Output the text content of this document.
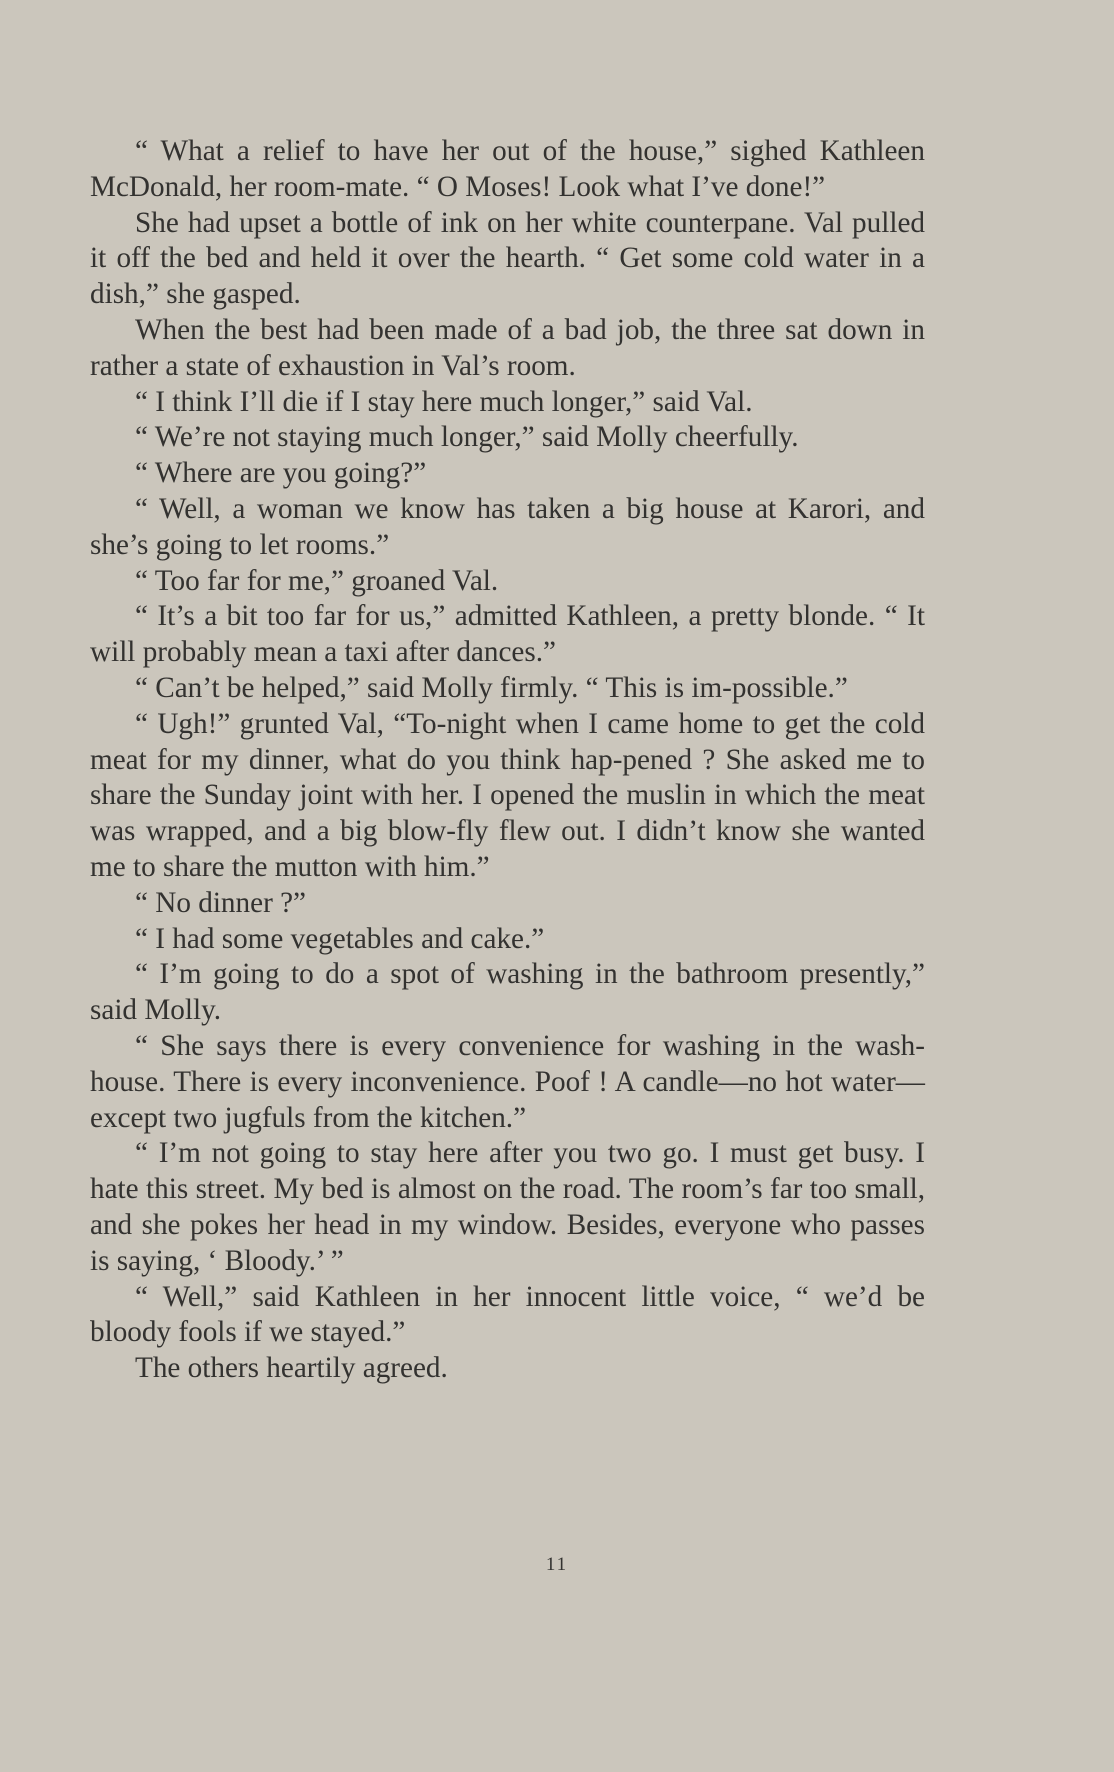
“ What a relief to have her out of the house,” sighed Kathleen McDonald, her room-mate. “ O Moses! Look what I’ve done!”

She had upset a bottle of ink on her white counterpane. Val pulled it off the bed and held it over the hearth. “ Get some cold water in a dish,” she gasped.

When the best had been made of a bad job, the three sat down in rather a state of exhaustion in Val’s room.

“ I think I’ll die if I stay here much longer,” said Val.

“ We’re not staying much longer,” said Molly cheerfully.

“ Where are you going?”

“ Well, a woman we know has taken a big house at Karori, and she’s going to let rooms.”

“ Too far for me,” groaned Val.

“ It’s a bit too far for us,” admitted Kathleen, a pretty blonde. “ It will probably mean a taxi after dances.”

“ Can’t be helped,” said Molly firmly. “ This is im-possible.”

“ Ugh!” grunted Val, “To-night when I came home to get the cold meat for my dinner, what do you think hap-pened ? She asked me to share the Sunday joint with her. I opened the muslin in which the meat was wrapped, and a big blow-fly flew out. I didn’t know she wanted me to share the mutton with him.”

“ No dinner ?”

“ I had some vegetables and cake.”

“ I’m going to do a spot of washing in the bathroom presently,” said Molly.

“ She says there is every convenience for washing in the wash-house. There is every inconvenience. Poof ! A candle—no hot water—except two jugfuls from the kitchen.”

“ I’m not going to stay here after you two go. I must get busy. I hate this street. My bed is almost on the road. The room’s far too small, and she pokes her head in my window. Besides, everyone who passes is saying, ‘ Bloody.’ ”

“ Well,” said Kathleen in her innocent little voice, “ we’d be bloody fools if we stayed.”

The others heartily agreed.

11
